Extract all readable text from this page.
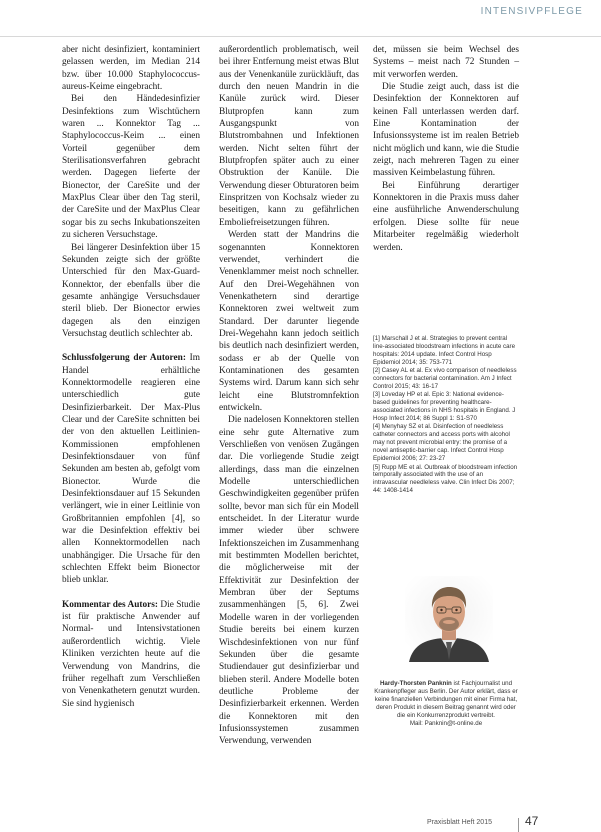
INTENSIVPFLEGE

aber nicht desinfiziert, kontaminiert gelassen werden, im Median 214 bzw. über 10.000 Staphylococcus-aureus-Keime eingebracht.

Bei den Händedesinfizier Desinfektions zum Wischtüchern waren ... Konnektor Tag ... Staphylococcus-Keim ... einen Vorteil gegenüber dem Sterilisationsverfahren gebracht werden. Dagegen lieferte der Bionector, der CareSite und der MaxPlus Clear über den Tag steril, der CareSite und der MaxPlus Clear sogar bis zu sechs Inkubationszeiten zu sicheren Versuchstage.

Bei längerer Desinfektion über 15 Sekunden zeigte sich der größte Unterschied für den Max-Guard-Konnektor, der ebenfalls über die gesamte anhängige Versuchsdauer steril blieb. Der Bionector erwies dagegen als den einzigen Versuchstag deutlich schlechter ab.

Schlussfolgerung der Autoren: Im Handel erhältliche Konnektormodelle reagieren eine unterschiedlich gute Desinfizierbarkeit. Der Max-Plus Clear und der CareSite schnitten bei der von den aktuellen Leitlinien-Kommissionen empfohlenen Desinfektionsdauer von fünf Sekunden am besten ab, gefolgt vom Bionector. Wurde die Desinfektionsdauer auf 15 Sekunden verlängert, wie in einer Leitlinie von Großbritannien empfohlen [4], so war die Desinfektion effektiv bei allen Konnektormodellen nach unabhängiger. Die Ursache für den schlechten Effekt beim Bionector blieb unklar.

Kommentar des Autors: Die Studie ist für praktische Anwender auf Normal- und Intensivstationen außerordentlich wichtig. Viele Kliniken verzichten heute auf die Verwendung von Mandrins, die früher regelhaft zum Verschließen von Venenkathetern genutzt wurden. Sie sind hygienisch

außerordentlich problematisch, weil bei ihrer Entfernung meist etwas Blut aus der Venenkanüle zurückläuft, das durch den neuen Mandrin in die Kanüle zurück wird. Dieser Blutpropfen kann zum Ausgangspunkt von Blutstrombahnen und Infektionen werden. Nicht selten führt der Blutpfropfen später auch zu einer Obstruktion der Kanüle. Die Verwendung dieser Obturatoren beim Einspritzen von Kochsalz wieder zu beseitigen, kann zu gefährlichen Emboliefreisetzungen führen.

Werden statt der Mandrins die sogenannten Konnektoren verwendet, verhindert die Venenklammer meist noch schneller. Auf den Drei-Wegehähnen von Venenkathetern sind derartige Konnektoren zwei weltweit zum Standard. Der darunter liegende Drei-Wegehahn kann jedoch seitlich bis deutlich nach desinfiziert werden, sodass er ab der Quelle von Kontaminationen des gesamten Systems wird. Darum kann sich sehr leicht eine Blutstromnfektion entwickeln.

Die nadelosen Konnektoren stellen eine sehr gute Alternative zum Verschließen von venösen Zugängen dar. Die vorliegende Studie zeigt allerdings, dass man die einzelnen Modelle unterschiedlichen Geschwindigkeiten gegenüber prüfen sollte, bevor man sich für ein Modell entscheidet. In der Literatur wurde immer wieder über schwere Infektionszeichen im Zusammenhang mit bestimmten Modellen berichtet, die möglicherweise mit der Effektivität zur Desinfektion der Membran über der Septums zusammenhängen [5, 6]. Zwei Modelle waren in der vorliegenden Studie bereits bei einem kurzen Wischdesinfektionen von nur fünf Sekunden über die gesamte Studiendauer gut desinfizierbar und blieben steril. Andere Modelle boten deutliche Probleme der Desinfizierbarkeit erkennen. Werden die Konnektoren mit den Infusionssystemen zusammen Verwendung, verwenden

det, müssen sie beim Wechsel des Systems – meist nach 72 Stunden – mit verworfen werden.

Die Studie zeigt auch, dass ist die Desinfektion der Konnektoren auf keinen Fall unterlassen werden darf. Eine Kontamination der Infusionssysteme ist im realen Betrieb nicht möglich und kann, wie die Studie zeigt, nach mehreren Tagen zu einer massiven Keimbelastung führen.

Bei Einführung derartiger Konnektoren in die Praxis muss daher eine ausführliche Anwenderschulung erfolgen. Diese sollte für neue Mitarbeiter regelmäßig wiederholt werden.

[1] Marschall J et al. Strategies to prevent central line-associated bloodstream infections in acute care hospitals: 2014 update. Infect Control Hosp Epidemiol 2014; 35: 753-771
[2] Casey AL et al. Ex vivo comparison of needleless connectors for bacterial contamination. Am J Infect Control 2015; 43: 16-17
[3] Loveday HP et al. Epic 3: National evidence-based guidelines for preventing healthcare-associated infections in NHS hospitals in England. J Hosp Infect 2014; 86 Suppl 1: S1-S70
[4] Menyhay SZ et al. Disinfection of needleless catheter connectors and access ports with alcohol may not prevent microbial entry: the promise of a novel antiseptic-barrier cap. Infect Control Hosp Epidemiol 2006; 27: 23-27
[5] Rupp ME et al. Outbreak of bloodstream infection temporally associated with the use of an intravascular needleless valve. Clin Infect Dis 2007; 44: 1408-1414
Hardy-Thorsten Panknin ist Fachjournalist und Krankenpfleger aus Berlin. Der Autor erklärt, dass er keine finanziellen Verbindungen mit einer Firma hat, deren Produkt in diesem Beitrag genannt wird oder die ein Konkurrenzprodukt vertreibt.
Mail: Panknin@t-online.de
Praxisblatt Heft 2015	47
